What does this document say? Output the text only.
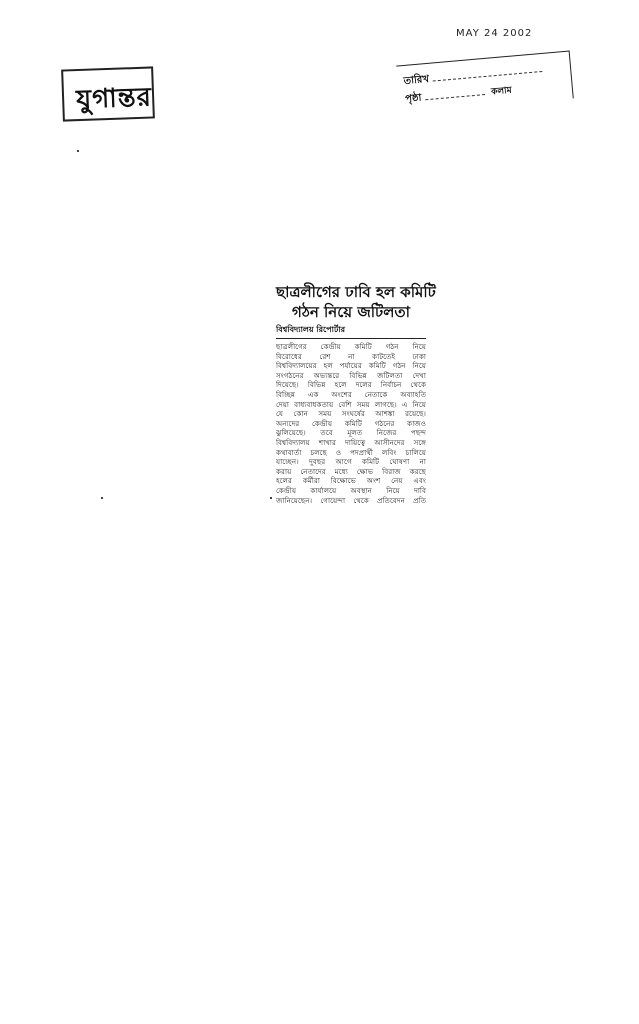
MAY 24 2002
যুগান্তর
তারিখ
পৃষ্ঠাকলাম
ছাত্রলীগের ঢাবি হল কমিটি
গঠন নিয়ে জটিলতা
বিশ্ববিদ্যালয় রিপোর্টার
ছাত্রলীগের কেন্দ্রীয় কমিটি গঠন নিয়ে
বিরোধের রেশ না কাটতেই ঢাকা
বিশ্ববিদ্যালয়ের হল পর্যায়ের কমিটি গঠন নিয়ে
সংগঠনের অভ্যন্তরে বিভিন্ন জটিলতা দেখা
দিয়েছে। বিভিন্ন হলে দলের নির্বাচন থেকে
বিচ্ছিন্ন এক অংশের নেতাকে অব্যাহতি
দেয়া বাধ্যবাধকতায় বেশি সময় লাগছে। এ নিয়ে
যে কোন সময় সংঘর্ষের আশঙ্কা রয়েছে।
অন্যদের কেন্দ্রীয় কমিটি গঠনের কাজও
ঝুলিয়েছে। তবে মূলত নিজের পছন্দ
বিশ্ববিদ্যালয় শাখার দায়িত্বে আসীনদের সঙ্গে
কথাবার্তা চলছে ও পদপ্রার্থী লবিং চালিয়ে
যাচ্ছেন। দুবছর আগে কমিটি ঘোষণা না
করায় নেতাদের মধ্যে ক্ষোভ বিরাজ করছে
হলের কর্মীরা বিক্ষোভে অংশ নেয় এবং
কেন্দ্রীয় কার্যালয়ে অবস্থান নিয়ে দাবি
জানিয়েছেন। গোয়েন্দা থেকে প্রতিবেদন প্রতি
